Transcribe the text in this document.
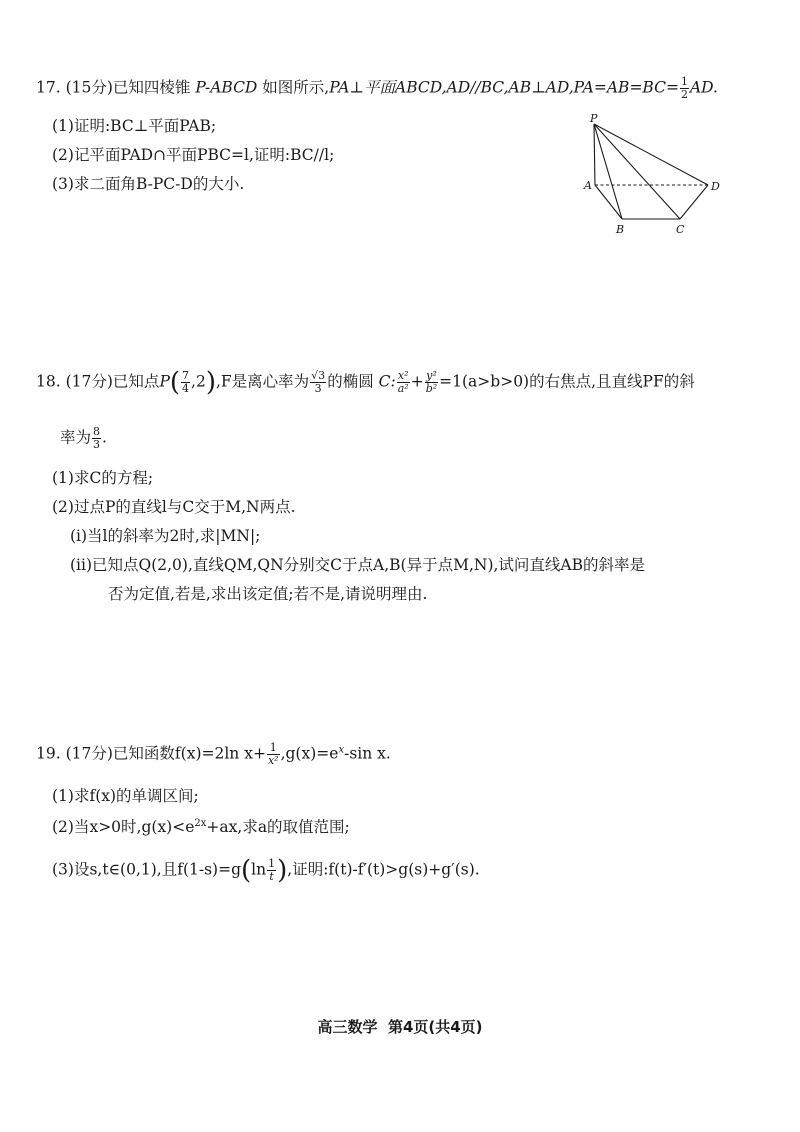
17. (15分)已知四棱锥 P-ABCD 如图所示,PA⊥平面ABCD,AD//BC,AB⊥AD,PA=AB=BC= $\frac{1}{2}$ AD.
(1)证明:BC⊥平面PAB;
(2)记平面PAD∩平面PBC=l,证明:BC//l;
(3)求二面角B-PC-D的大小.
P
A
B	C
D
18. (17分)已知点$P( \frac{7}{4} ,2),F$是离心率为 $\frac{√3}{3}$ 的椭圆 C: $\frac{\text{x²}}{\text{a²}} + \frac{\text{y²}}{\text{b²}} =1(a>b>0)$的右焦点,且直线PF的斜
率为 $\frac{8}{3}$ .
(1)求C的方程;
(2)过点P的直线l与C交于M,N两点.
(i)当l的斜率为2时,求|MN|;
(ii)已知点Q(2,0),直线QM,QN分别交C于点A,B(异于点M,N),试问直线AB的斜率是
否为定值,若是,求出该定值;若不是,请说明理由.
19. (17分)已知函数f(x)=2ln $x+ \frac{1}{\text{x²}} ,g(x)=e^x-\sin$ x.
(1)求f(x)的单调区间;
(2)当x>0时$,g(x)<e^{2x}+ax$,求a的取值范围;
(3)设s,t∈(0,1),且$f(1-s)=g(\ln \frac{1}{t}$ ),证明:f(t)-f′(t)>g(s)+g′(s).
高三数学 第4页(共4页)
